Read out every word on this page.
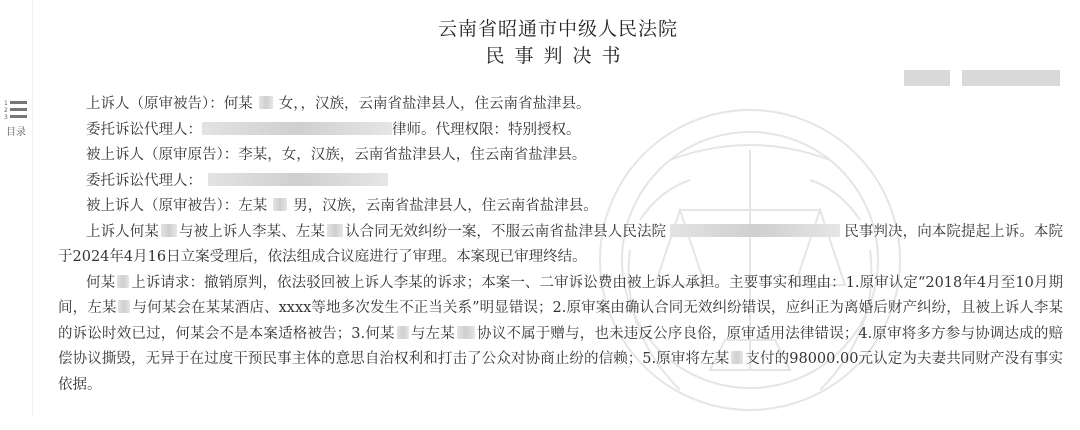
1
2
3
目录
云南省昭通市中级人民法院
民事判决书

上诉人（原审被告）：何某 女，，汉族，云南省盐津县人，住云南省盐津县。

委托诉讼代理人：	律师。代理权限：特别授权。

被上诉人（原审原告）：李某，女，汉族，云南省盐津县人，住云南省盐津县。

委托诉讼代理人：

被上诉人（原审被告）：左某 男，汉族，云南省盐津县人，住云南省盐津县。

上诉人何某 与被上诉人李某、左某 认合同无效纠纷一案，不服云南省盐津县人民法院	民事判决，向本院提起上诉。本院于2024年4月16日立案受理后，依法组成合议庭进行了审理。本案现已审理终结。

何某 上诉请求：撤销原判，依法驳回被上诉人李某的诉求；本案一、二审诉讼费由被上诉人承担。主要事实和理由：1.原审认定“2018年4月至10月期间，左某 与何某会在某某酒店、xxxx等地多次发生不正当关系”明显错误；2.原审案由确认合同无效纠纷错误，应纠正为离婚后财产纠纷，且被上诉人李某的诉讼时效已过，何某会不是本案适格被告；3.何某 与左某 协议不属于赠与，也未违反公序良俗，原审适用法律错误；4.原审将多方参与协调达成的赔偿协议撕毁，无异于在过度干预民事主体的意思自治权利和打击了公众对协商止纷的信赖；5.原审将左某 支付的98000.00元认定为夫妻共同财产没有事实依据。
